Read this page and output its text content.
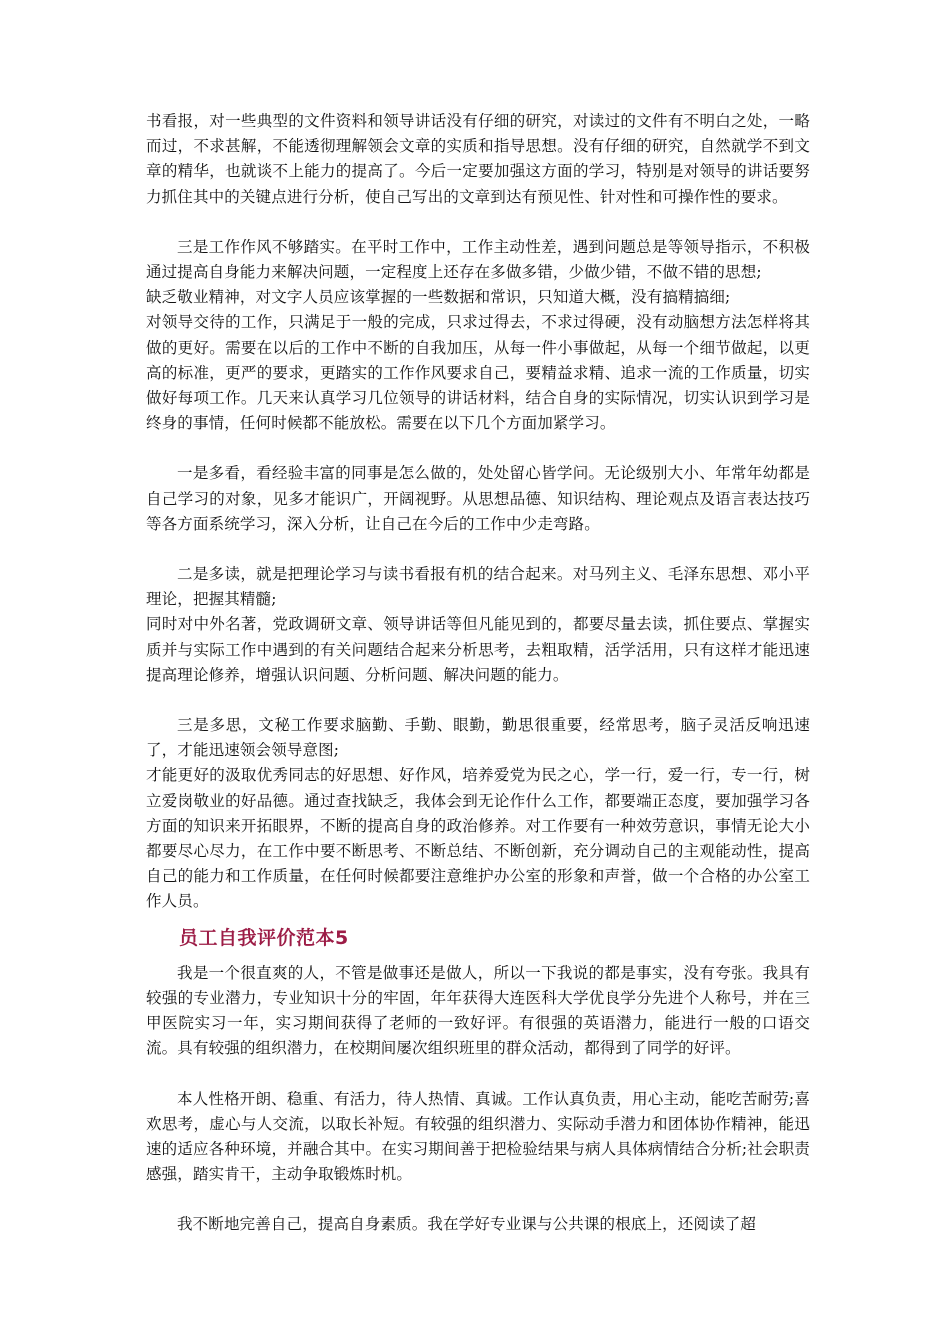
书看报，对一些典型的文件资料和领导讲话没有仔细的研究，对读过的文件有不明白之处，一略而过，不求甚解，不能透彻理解领会文章的实质和指导思想。没有仔细的研究，自然就学不到文章的精华，也就谈不上能力的提高了。今后一定要加强这方面的学习，特别是对领导的讲话要努力抓住其中的关键点进行分析，使自己写出的文章到达有预见性、针对性和可操作性的要求。

三是工作作风不够踏实。在平时工作中，工作主动性差，遇到问题总是等领导指示，不积极通过提高自身能力来解决问题，一定程度上还存在多做多错，少做少错，不做不错的思想;

缺乏敬业精神，对文字人员应该掌握的一些数据和常识，只知道大概，没有搞精搞细;

对领导交待的工作，只满足于一般的完成，只求过得去，不求过得硬，没有动脑想方法怎样将其做的更好。需要在以后的工作中不断的自我加压，从每一件小事做起，从每一个细节做起，以更高的标准，更严的要求，更踏实的工作作风要求自己，要精益求精、追求一流的工作质量，切实做好每项工作。几天来认真学习几位领导的讲话材料，结合自身的实际情况，切实认识到学习是终身的事情，任何时候都不能放松。需要在以下几个方面加紧学习。

一是多看，看经验丰富的同事是怎么做的，处处留心皆学问。无论级别大小、年常年幼都是自己学习的对象，见多才能识广，开阔视野。从思想品德、知识结构、理论观点及语言表达技巧等各方面系统学习，深入分析，让自己在今后的工作中少走弯路。

二是多读，就是把理论学习与读书看报有机的结合起来。对马列主义、毛泽东思想、邓小平理论，把握其精髓;

同时对中外名著，党政调研文章、领导讲话等但凡能见到的，都要尽量去读，抓住要点、掌握实质并与实际工作中遇到的有关问题结合起来分析思考，去粗取精，活学活用，只有这样才能迅速提高理论修养，增强认识问题、分析问题、解决问题的能力。

三是多思，文秘工作要求脑勤、手勤、眼勤，勤思很重要，经常思考，脑子灵活反响迅速了，才能迅速领会领导意图;

才能更好的汲取优秀同志的好思想、好作风，培养爱党为民之心，学一行，爱一行，专一行，树立爱岗敬业的好品德。通过查找缺乏，我体会到无论作什么工作，都要端正态度，要加强学习各方面的知识来开拓眼界，不断的提高自身的政治修养。对工作要有一种效劳意识，事情无论大小都要尽心尽力，在工作中要不断思考、不断总结、不断创新，充分调动自己的主观能动性，提高自己的能力和工作质量，在任何时候都要注意维护办公室的形象和声誉，做一个合格的办公室工作人员。

员工自我评价范本5

我是一个很直爽的人，不管是做事还是做人，所以一下我说的都是事实，没有夸张。我具有较强的专业潜力，专业知识十分的牢固，年年获得大连医科大学优良学分先进个人称号，并在三甲医院实习一年，实习期间获得了老师的一致好评。有很强的英语潜力，能进行一般的口语交流。具有较强的组织潜力，在校期间屡次组织班里的群众活动，都得到了同学的好评。

本人性格开朗、稳重、有活力，待人热情、真诚。工作认真负责，用心主动，能吃苦耐劳;喜欢思考，虚心与人交流，以取长补短。有较强的组织潜力、实际动手潜力和团体协作精神，能迅速的适应各种环境，并融合其中。在实习期间善于把检验结果与病人具体病情结合分析;社会职责感强，踏实肯干，主动争取锻炼时机。

我不断地完善自己，提高自身素质。我在学好专业课与公共课的根底上，还阅读了超
